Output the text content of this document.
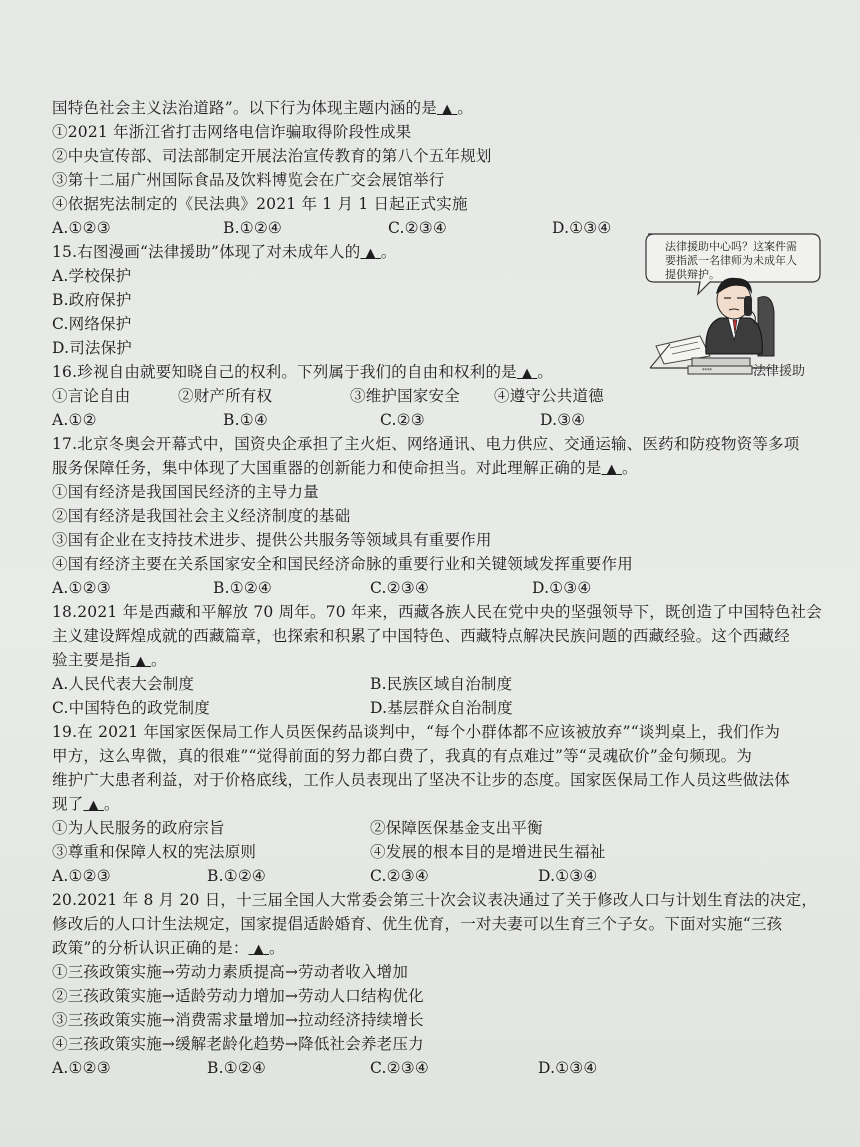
国特色社会主义法治道路”。以下行为体现主题内涵的是 ▲ 。
①2021 年浙江省打击网络电信诈骗取得阶段性成果
②中央宣传部、司法部制定开展法治宣传教育的第八个五年规划
③第十二届广州国际食品及饮料博览会在广交会展馆举行
④依据宪法制定的《民法典》2021 年 1 月 1 日起正式实施
A.①②③	B.①②④	C.②③④	D.①③④
15.右图漫画“法律援助”体现了对未成年人的 ▲ 。
A.学校保护
B.政府保护
C.网络保护
D.司法保护
****
法律援助中心吗？这案件需要指派一名律师为未成年人提供辩护。
法律援助
16.珍视自由就要知晓自己的权利。下列属于我们的自由和权利的是 ▲ 。
①言论自由	②财产所有权	③维护国家安全 ④遵守公共道德
A.①②	B.①④	C.②③	D.③④
17.北京冬奥会开幕式中，国资央企承担了主火炬、网络通讯、电力供应、交通运输、医药和防疫物资等多项
服务保障任务，集中体现了大国重器的创新能力和使命担当。对此理解正确的是 ▲ 。
①国有经济是我国国民经济的主导力量
②国有经济是我国社会主义经济制度的基础
③国有企业在支持技术进步、提供公共服务等领域具有重要作用
④国有经济主要在关系国家安全和国民经济命脉的重要行业和关键领域发挥重要作用
A.①②③	B.①②④	C.②③④	D.①③④
18.2021 年是西藏和平解放 70 周年。70 年来，西藏各族人民在党中央的坚强领导下，既创造了中国特色社会
主义建设辉煌成就的西藏篇章，也探索和积累了中国特色、西藏特点解决民族问题的西藏经验。这个西藏经
验主要是指 ▲ 。
A.人民代表大会制度	B.民族区域自治制度
C.中国特色的政党制度	D.基层群众自治制度
19.在 2021 年国家医保局工作人员医保药品谈判中，“每个小群体都不应该被放弃”“谈判桌上，我们作为
甲方，这么卑微，真的很难”“觉得前面的努力都白费了，我真的有点难过”等“灵魂砍价”金句频现。为
维护广大患者利益，对于价格底线，工作人员表现出了坚决不让步的态度。国家医保局工作人员这些做法体
现了 ▲ 。
①为人民服务的政府宗旨	②保障医保基金支出平衡
③尊重和保障人权的宪法原则	④发展的根本目的是增进民生福祉
A.①②③	B.①②④	C.②③④	D.①③④
20.2021 年 8 月 20 日，十三届全国人大常委会第三十次会议表决通过了关于修改人口与计划生育法的决定，
修改后的人口计生法规定，国家提倡适龄婚育、优生优育，一对夫妻可以生育三个子女。下面对实施“三孩
政策”的分析认识正确的是： ▲ 。
①三孩政策实施→劳动力素质提高→劳动者收入增加
②三孩政策实施→适龄劳动力增加→劳动人口结构优化
③三孩政策实施→消费需求量增加→拉动经济持续增长
④三孩政策实施→缓解老龄化趋势→降低社会养老压力
A.①②③	B.①②④	C.②③④	D.①③④
